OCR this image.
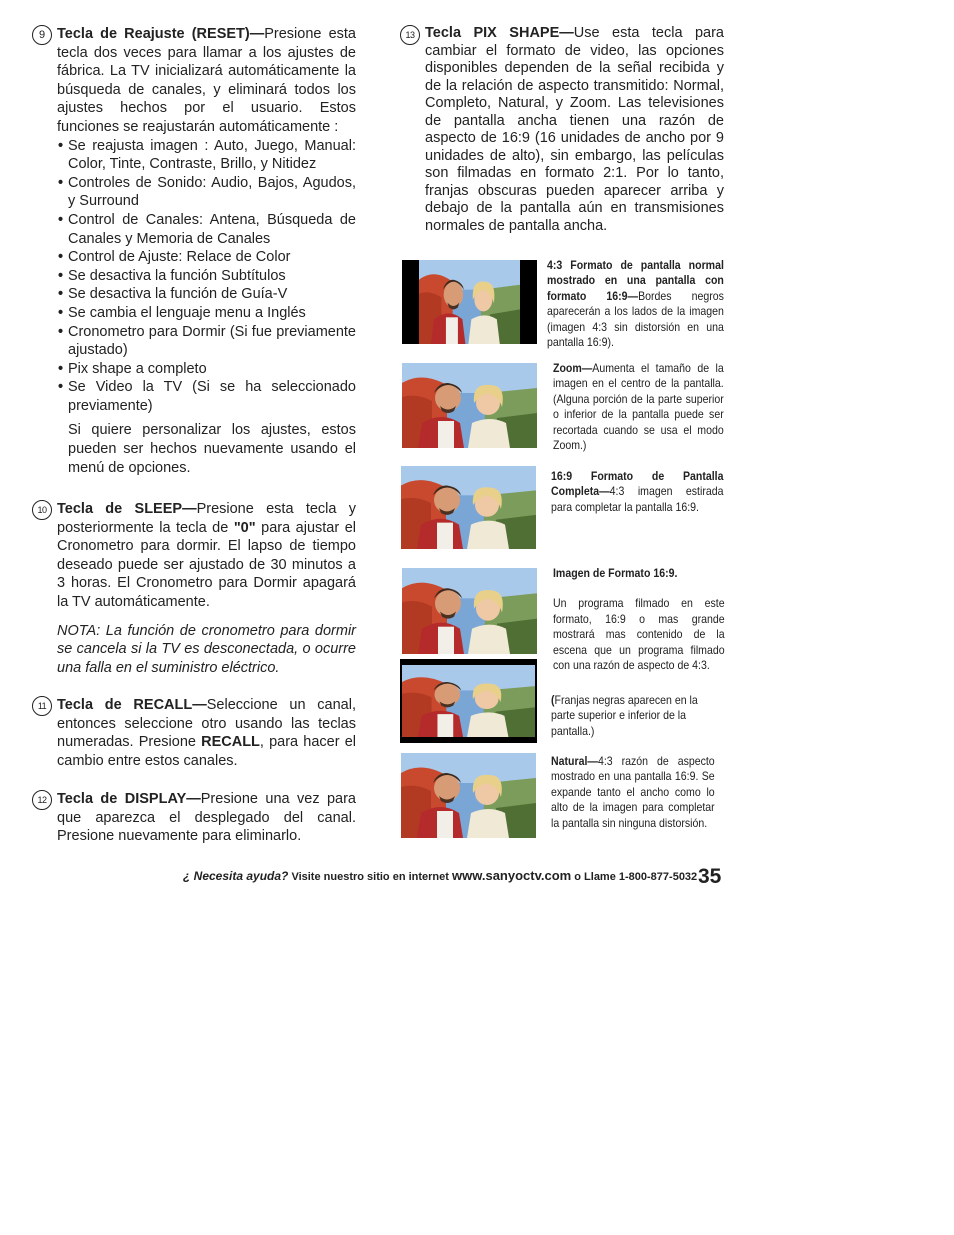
9 Tecla de Reajuste (RESET)—Presione esta tecla dos veces para llamar a los ajustes de fábrica. La TV inicializará automáticamente la búsqueda de canales, y eliminará todos los ajustes hechos por el usuario. Estos funciones se reajustarán automáticamente :

• Se reajusta imagen : Auto, Juego, Manual: Color, Tinte, Contraste, Brillo, y Nitidez
• Controles de Sonido: Audio, Bajos, Agudos, y Surround
• Control de Canales: Antena, Búsqueda de Canales y Memoria de Canales
• Control de Ajuste: Relace de Color
• Se desactiva la función Subtítulos
• Se desactiva la función de Guía-V
• Se cambia el lenguaje menu a Inglés
• Cronometro para Dormir (Si fue previamente ajustado)
• Pix shape a completo
• Se Video la TV (Si se ha seleccionado previamente)

Si quiere personalizar los ajustes, estos pueden ser hechos nuevamente usando el menú de opciones.

10 Tecla de SLEEP—Presione esta tecla y posteriormente la tecla de "0" para ajustar el Cronometro para dormir. El lapso de tiempo deseado puede ser ajustado de 30 minutos a 3 horas. El Cronometro para Dormir apagará la TV automáticamente.

NOTA: La función de cronometro para dormir se cancela si la TV es desconectada, o ocurre una falla en el suministro eléctrico.

11 Tecla de RECALL—Seleccione un canal, entonces seleccione otro usando las teclas numeradas. Presione RECALL, para hacer el cambio entre estos canales.

12 Tecla de DISPLAY—Presione una vez para que aparezca el desplegado del canal. Presione nuevamente para eliminarlo.

13 Tecla PIX SHAPE—Use esta tecla para cambiar el formato de video, las opciones disponibles dependen de la señal recibida y de la relación de aspecto transmitido: Normal, Completo, Natural, y Zoom. Las televisiones de pantalla ancha tienen una razón de aspecto de 16:9 (16 unidades de ancho por 9 unidades de alto), sin embargo, las películas son filmadas en formato 2:1. Por lo tanto, franjas obscuras pueden aparecer arriba y debajo de la pantalla aún en transmisiones normales de pantalla ancha.

4:3 Formato de pantalla normal mostrado en una pantalla con formato 16:9—Bordes negros aparecerán a los lados de la imagen (imagen 4:3 sin distorsión en una pantalla 16:9).
Zoom—Aumenta el tamaño de la imagen en el centro de la pantalla. (Alguna porción de la parte superior o inferior de la pantalla puede ser recortada cuando se usa el modo Zoom.)
16:9 Formato de Pantalla Completa—4:3 imagen estirada para completar la pantalla 16:9.

Imagen de Formato 16:9.

Un programa filmado en este formato, 16:9 o mas grande mostrará mas contenido de la escena que un programa filmado con una razón de aspecto de 4:3.

(Franjas negras aparecen en la parte superior e inferior de la pantalla.)
Natural—4:3 razón de aspecto mostrado en una pantalla 16:9. Se expande tanto el ancho como lo alto de la imagen para completar la pantalla sin ninguna distorsión.
¿ Necesita ayuda? Visite nuestro sitio en internet www.sanyoctv.com o Llame 1-800-877-5032 35
